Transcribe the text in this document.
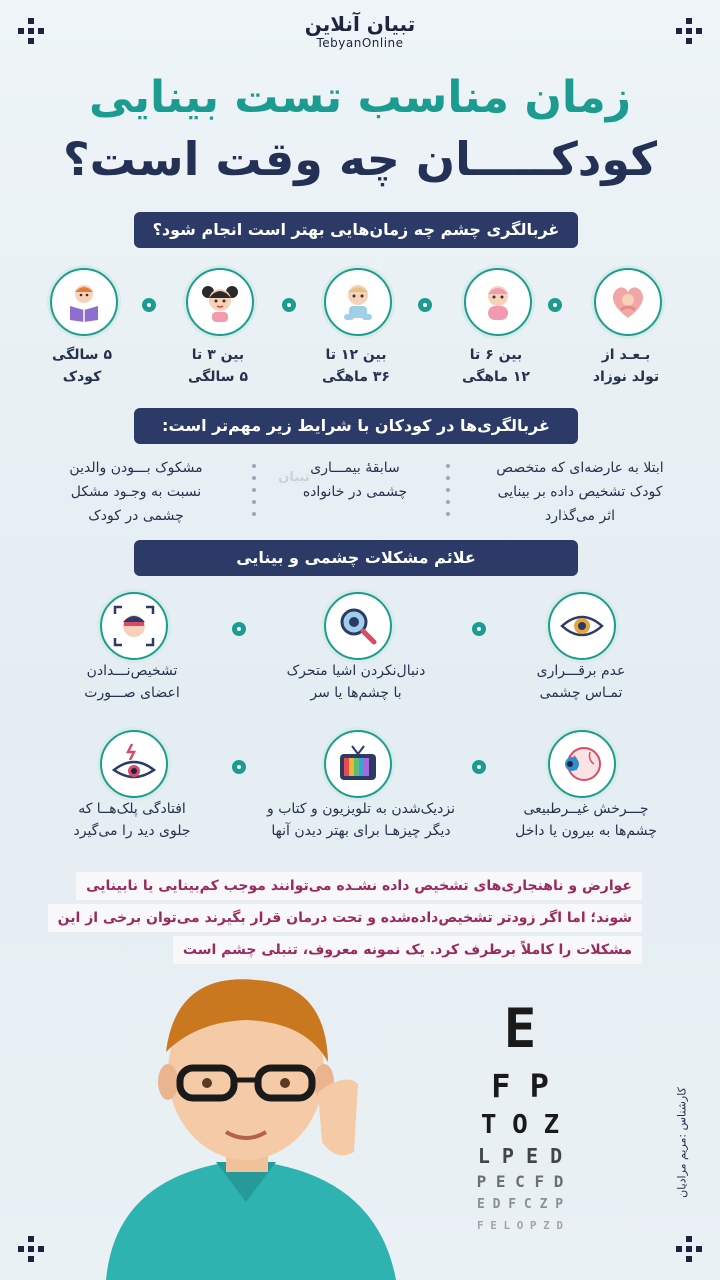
تبیان آنلاین
TebyanOnline
زمان مناسب تست بینایی
کودکـــــان چه وقت است؟
غربالگری چشم چه زمان‌هایی بهتر است انجام شود؟
بـعـد از
تولد نوزاد
بین ۶ تا
۱۲ ماهگی
بین ۱۲ تا
۳۶ ماهگی
بین ۳ تا
۵ سالگی
۵ سالگی
کودک
غربالگری‌ها در کودکان با شرایط زیر مهم‌تر است:
ابتلا به عارضه‌ای که متخصص
کودک تشخیص داده بر بینایی
اثر می‌گذارد
سابقۀ بیمـــاری
چشمی در خانواده
مشکوک بـــودن والدین
نسبت به وجـود مشکل
چشمی در کودک
تبیان
علائم مشکلات چشمی و بینایی
عدم برقـــراری
تمـاس چشمی
دنبال‌نکردن اشیا متحرک
با چشم‌ها یا سر
تشخیص‌نـــدادن
اعضای صـــورت
چـــرخش غیــرطبیعی
چشم‌ها به بیرون یا داخل
نزدیک‌شدن به تلویزیون و کتاب و
دیگر چیزهـا برای بهتر دیدن آنها
افتادگی پلک‌هــا که
جلوی دید را می‌گیرد
عوارض و ناهنجاری‌های تشخیص داده نشـده می‌توانند موجب کم‌بینایی یا نابینایی
شوند؛ اما اگر زودتر تشخیص‌داده‌شده و تحت درمان قرار بگیرند می‌توان برخی از این
مشکلات را کاملاً برطرف کرد. یک نمونه معروف، تنبلی چشم است
E
F P
T O Z
L P E D
P E C F D
E D F C Z P
F E L O P Z D
کارشناس :مریم مرادیان
